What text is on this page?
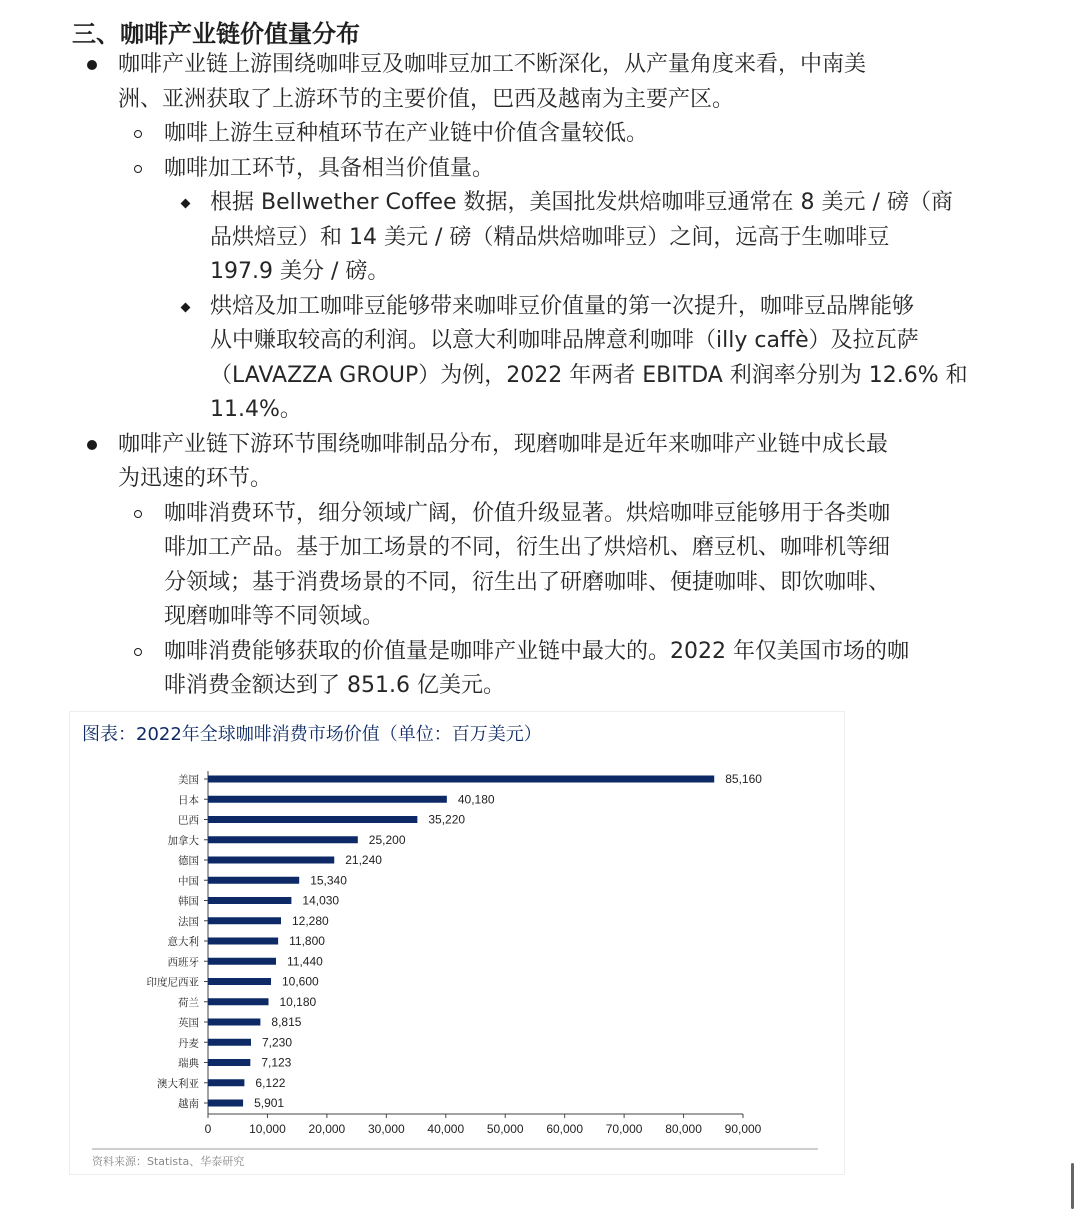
三、咖啡产业链价值量分布

咖啡产业链上游围绕咖啡豆及咖啡豆加工不断深化，从产量角度来看，中南美
洲、亚洲获取了上游环节的主要价值，巴西及越南为主要产区。

咖啡上游生豆种植环节在产业链中价值含量较低。

咖啡加工环节，具备相当价值量。

根据 Bellwether Coffee 数据，美国批发烘焙咖啡豆通常在 8 美元 / 磅（商
品烘焙豆）和 14 美元 / 磅（精品烘焙咖啡豆）之间，远高于生咖啡豆
197.9 美分 / 磅。

烘焙及加工咖啡豆能够带来咖啡豆价值量的第一次提升，咖啡豆品牌能够
从中赚取较高的利润。以意大利咖啡品牌意利咖啡（illy caffè）及拉瓦萨
（LAVAZZA GROUP）为例，2022 年两者 EBITDA 利润率分别为 12.6% 和
11.4%。

咖啡产业链下游环节围绕咖啡制品分布，现磨咖啡是近年来咖啡产业链中成长最
为迅速的环节。

咖啡消费环节，细分领域广阔，价值升级显著。烘焙咖啡豆能够用于各类咖
啡加工产品。基于加工场景的不同，衍生出了烘焙机、磨豆机、咖啡机等细
分领域；基于消费场景的不同，衍生出了研磨咖啡、便捷咖啡、即饮咖啡、
现磨咖啡等不同领域。

咖啡消费能够获取的价值量是咖啡产业链中最大的。2022 年仅美国市场的咖
啡消费金额达到了 851.6 亿美元。

图表：2022年全球咖啡消费市场价值（单位：百万美元）
美国	85,160
日本	40,180
巴西	35,220
加拿大	25,200
德国	21,240
中国	15,340
韩国	14,030
法国	12,280
意大利	11,800
西班牙	11,440
印度尼西亚	10,600
荷兰	10,180
英国	8,815
丹麦	7,230
瑞典	7,123
澳大利亚	6,122
越南	5,901
0	10,000 20,000 30,000 40,000 50,000 60,000 70,000 80,000 90,000
资料来源：Statista、华泰研究
